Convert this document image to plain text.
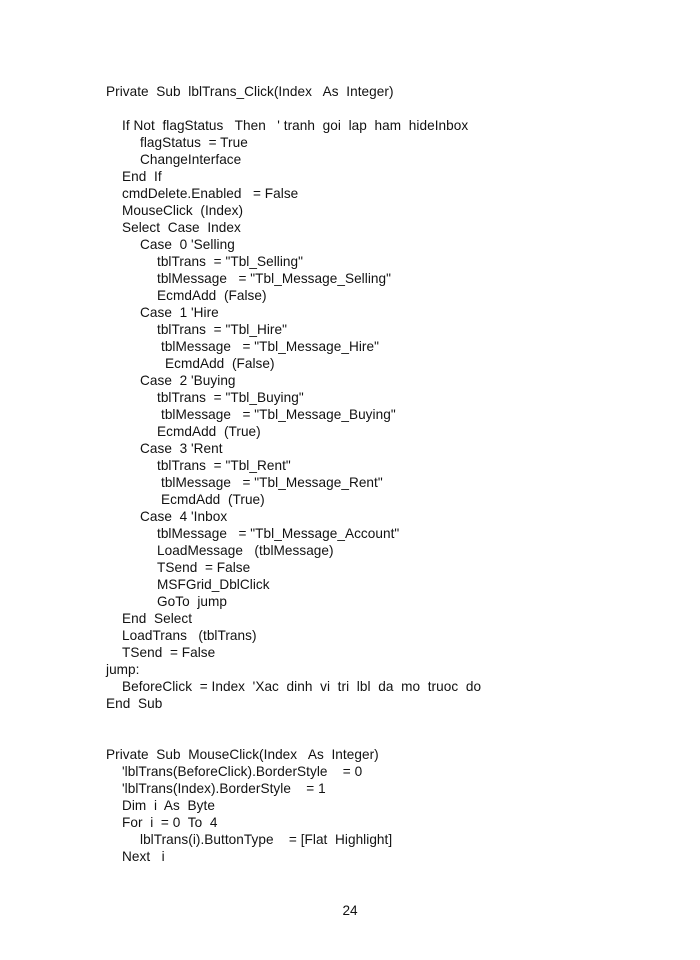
Private  Sub  lblTrans_Click(Index   As  Integer)
If Not  flagStatus   Then   ' tranh  goi  lap  ham  hideInbox
flagStatus  = True
ChangeInterface
End  If
cmdDelete.Enabled   = False
MouseClick  (Index)
Select  Case  Index
Case  0 'Selling
tblTrans  = "Tbl_Selling"
tblMessage   = "Tbl_Message_Selling"
EcmdAdd  (False)
Case  1 'Hire
tblTrans  = "Tbl_Hire"
tblMessage   = "Tbl_Message_Hire"
EcmdAdd  (False)
Case  2 'Buying
tblTrans  = "Tbl_Buying"
tblMessage   = "Tbl_Message_Buying"
EcmdAdd  (True)
Case  3 'Rent
tblTrans  = "Tbl_Rent"
tblMessage   = "Tbl_Message_Rent"
EcmdAdd  (True)
Case  4 'Inbox
tblMessage   = "Tbl_Message_Account"
LoadMessage   (tblMessage)
TSend  = False
MSFGrid_DblClick
GoTo  jump
End  Select
LoadTrans   (tblTrans)
TSend  = False
jump:
BeforeClick  = Index  'Xac  dinh  vi  tri  lbl  da  mo  truoc  do
End  Sub
Private  Sub  MouseClick(Index   As  Integer)
'lblTrans(BeforeClick).BorderStyle    = 0
'lblTrans(Index).BorderStyle    = 1
Dim  i  As  Byte
For  i  = 0  To  4
lblTrans(i).ButtonType    = [Flat  Highlight]
Next   i
24
